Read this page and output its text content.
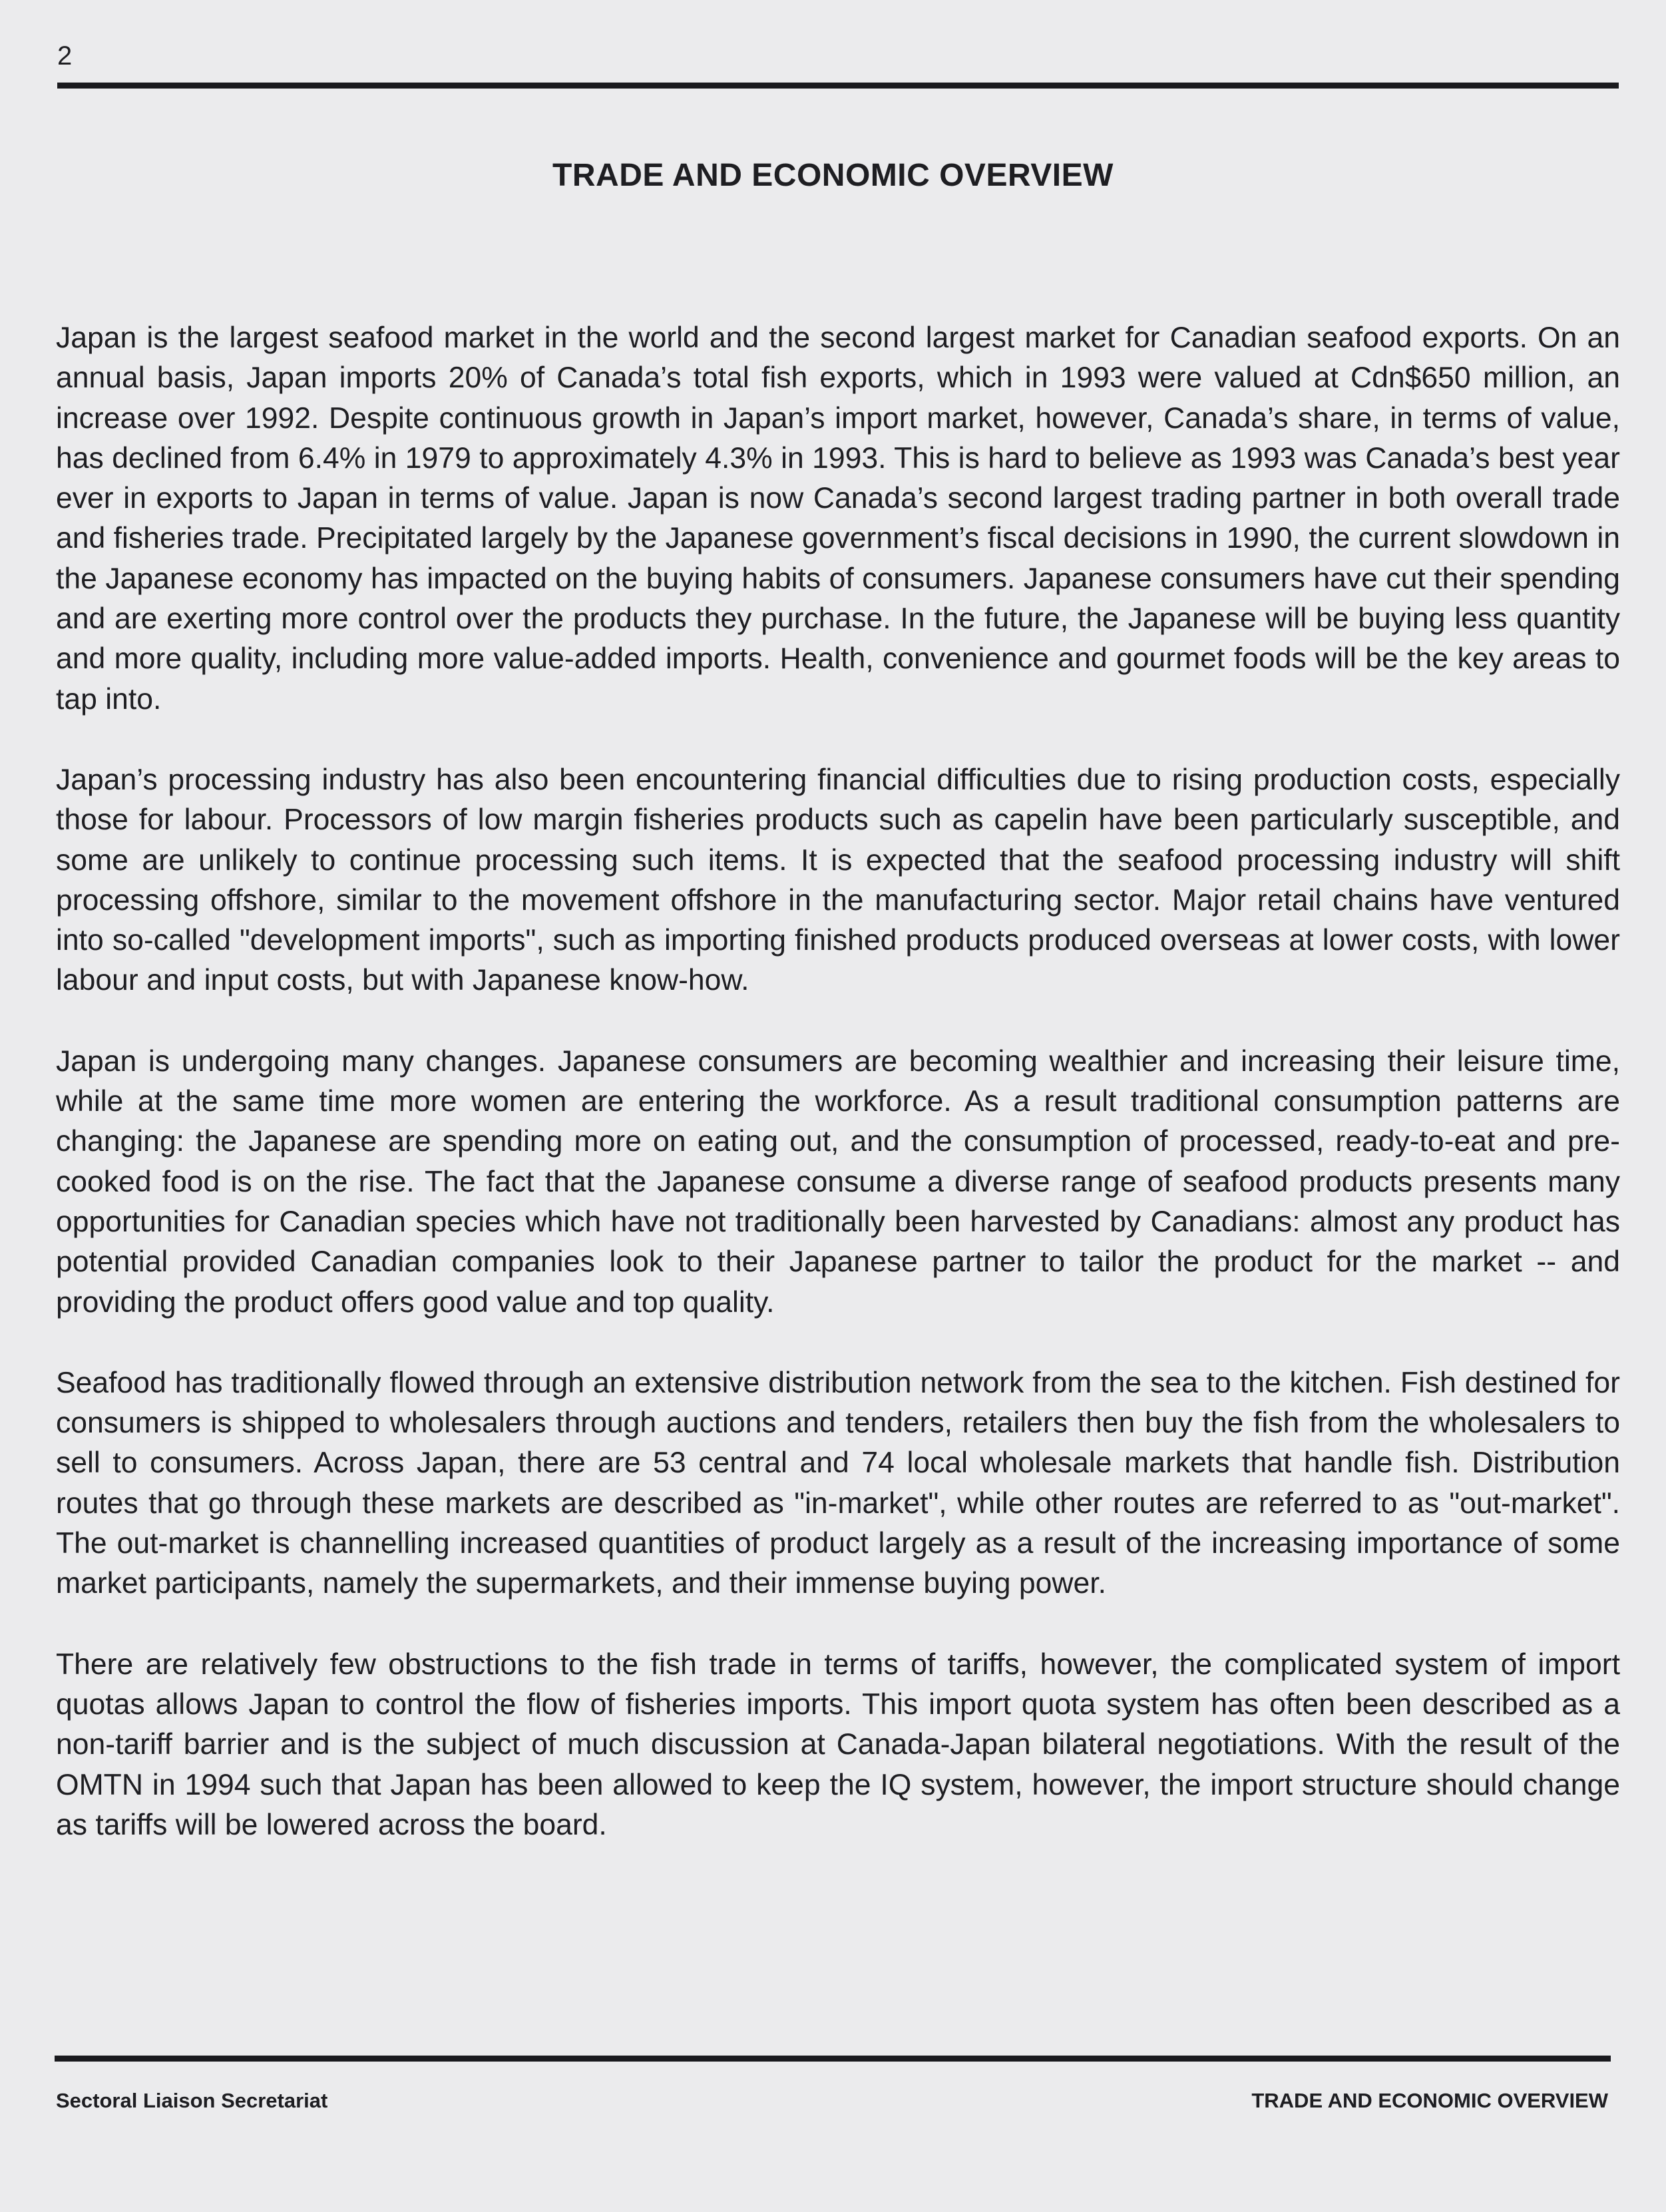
2
TRADE AND ECONOMIC OVERVIEW

Japan is the largest seafood market in the world and the second largest market for Canadian seafood exports. On an annual basis, Japan imports 20% of Canada’s total fish exports, which in 1993 were valued at Cdn$650 million, an increase over 1992. Despite continuous growth in Japan’s import market, however, Canada’s share, in terms of value, has declined from 6.4% in 1979 to approximately 4.3% in 1993. This is hard to believe as 1993 was Canada’s best year ever in exports to Japan in terms of value. Japan is now Canada’s second largest trading partner in both overall trade and fisheries trade. Precipitated largely by the Japanese government’s fiscal decisions in 1990, the current slowdown in the Japanese economy has impacted on the buying habits of consumers. Japanese consumers have cut their spending and are exerting more control over the products they purchase. In the future, the Japanese will be buying less quantity and more quality, including more value-added imports. Health, convenience and gourmet foods will be the key areas to tap into.

Japan’s processing industry has also been encountering financial difficulties due to rising production costs, especially those for labour. Processors of low margin fisheries products such as capelin have been particularly susceptible, and some are unlikely to continue processing such items. It is expected that the seafood processing industry will shift processing offshore, similar to the movement offshore in the manufacturing sector. Major retail chains have ventured into so-called "development imports", such as importing finished products produced overseas at lower costs, with lower labour and input costs, but with Japanese know-how.

Japan is undergoing many changes. Japanese consumers are becoming wealthier and increasing their leisure time, while at the same time more women are entering the workforce. As a result traditional consumption patterns are changing: the Japanese are spending more on eating out, and the consumption of processed, ready-to-eat and pre-cooked food is on the rise. The fact that the Japanese consume a diverse range of seafood products presents many opportunities for Canadian species which have not traditionally been harvested by Canadians: almost any product has potential provided Canadian companies look to their Japanese partner to tailor the product for the market -- and providing the product offers good value and top quality.

Seafood has traditionally flowed through an extensive distribution network from the sea to the kitchen. Fish destined for consumers is shipped to wholesalers through auctions and tenders, retailers then buy the fish from the wholesalers to sell to consumers. Across Japan, there are 53 central and 74 local wholesale markets that handle fish. Distribution routes that go through these markets are described as "in-market", while other routes are referred to as "out-market". The out-market is channelling increased quantities of product largely as a result of the increasing importance of some market participants, namely the supermarkets, and their immense buying power.

There are relatively few obstructions to the fish trade in terms of tariffs, however, the complicated system of import quotas allows Japan to control the flow of fisheries imports. This import quota system has often been described as a non-tariff barrier and is the subject of much discussion at Canada-Japan bilateral negotiations. With the result of the OMTN in 1994 such that Japan has been allowed to keep the IQ system, however, the import structure should change as tariffs will be lowered across the board.

Sectoral Liaison Secretariat	TRADE AND ECONOMIC OVERVIEW
